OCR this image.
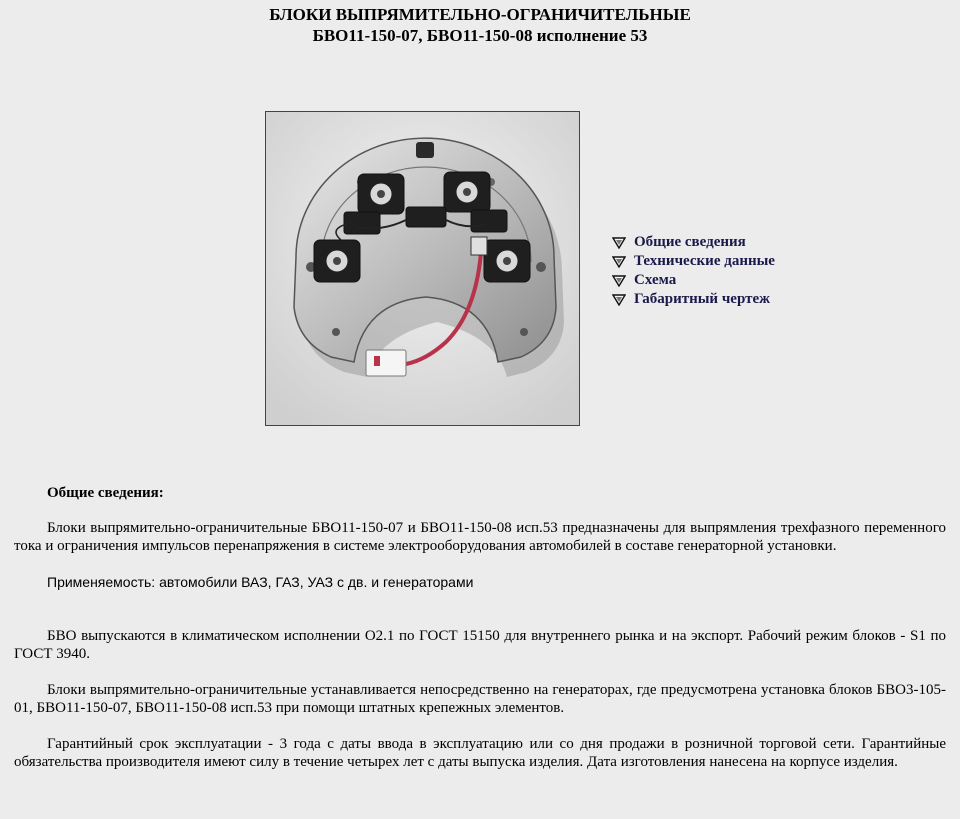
БЛОКИ ВЫПРЯМИТЕЛЬНО-ОГРАНИЧИТЕЛЬНЫЕ
БВО11-150-07, БВО11-150-08 исполнение 53
Общие сведения
Технические данные
Схема
Габаритный чертеж

Общие сведения:

Блоки выпрямительно-ограничительные БВО11-150-07 и БВО11-150-08 исп.53 предназначены для выпрямления трехфазного переменного тока и ограничения импульсов перенапряжения в системе электрооборудования автомобилей в составе генераторной установки.

Применяемость: автомобили ВАЗ, ГАЗ, УАЗ с дв. и генераторами

БВО выпускаются в климатическом исполнении О2.1 по ГОСТ 15150 для внутреннего рынка и на экспорт. Рабочий режим блоков - S1 по ГОСТ 3940.

Блоки выпрямительно-ограничительные устанавливается непосредственно на генераторах, где предусмотрена установка блоков БВО3-105-01, БВО11-150-07, БВО11-150-08 исп.53 при помощи штатных крепежных элементов.

Гарантийный срок эксплуатации - 3 года с даты ввода в эксплуатацию или со дня продажи в розничной торговой сети. Гарантийные обязательства производителя имеют силу в течение четырех лет с даты выпуска изделия. Дата изготовления нанесена на корпусе изделия.
